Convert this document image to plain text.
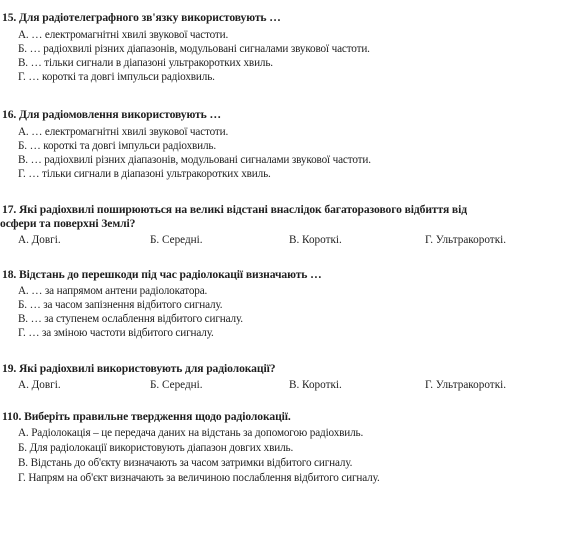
15. Для радіотелеграфного зв'язку використовують …
А. … електромагнітні хвилі звукової частоти.
Б. … радіохвилі різних діапазонів, модульовані сигналами звукової частоти.
В. … тільки сигнали в діапазоні ультракоротких хвиль.
Г. … короткі та довгі імпульси радіохвиль.
16. Для радіомовлення використовують …
А. … електромагнітні хвилі звукової частоти.
Б. … короткі та довгі імпульси радіохвиль.
В. … радіохвилі різних діапазонів, модульовані сигналами звукової частоти.
Г. … тільки сигнали в діапазоні ультракоротких хвиль.
17. Які радіохвилі поширюються на великі відстані внаслідок багаторазового відбиття від
осфери та поверхні Землі?
А. Довгі.	Б. Середні.	В. Короткі.	Г. Ультракороткі.
18. Відстань до перешкоди під час радіолокації визначають …
А. … за напрямом антени радіолокатора.
Б. … за часом запізнення відбитого сигналу.
В. … за ступенем ослаблення відбитого сигналу.
Г. … за зміною частоти відбитого сигналу.
19. Які радіохвилі використовують для радіолокації?
А. Довгі.	Б. Середні.	В. Короткі.	Г. Ультракороткі.
110. Виберіть правильне твердження щодо радіолокації.
А. Радіолокація – це передача даних на відстань за допомогою радіохвиль.
Б. Для радіолокації використовують діапазон довгих хвиль.
В. Відстань до об'єкту визначають за часом затримки відбитого сигналу.
Г. Напрям на об'єкт визначають за величиною послаблення відбитого сигналу.
